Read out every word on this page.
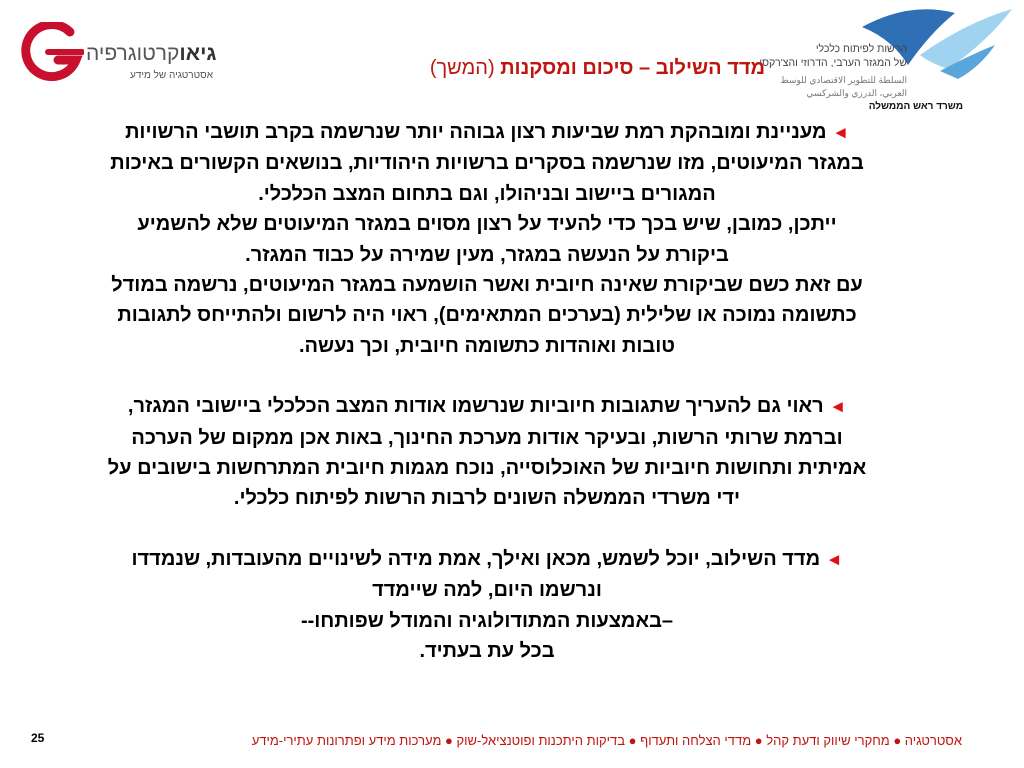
גיאוקרטוגרפיה
אסטרטגיה של מידע	מדד השילוב – סיכום ומסקנות (המשך)
הרשות לפיתוח כלכלי
של המגזר הערבי, הדרוזי והצ'רקסי
السلطة للتطوير الاقتصادي للوسط
العربي، الدرزي والشركسي
משרד ראש הממשלה

◄ מעניינת ומובהקת רמת שביעות רצון גבוהה יותר שנרשמה בקרב תושבי הרשויות

במגזר המיעוטים, מזו שנרשמה בסקרים ברשויות היהודיות, בנושאים הקשורים באיכות

המגורים ביישוב ובניהולו, וגם בתחום המצב הכלכלי.

ייתכן, כמובן, שיש בכך כדי להעיד על רצון מסוים במגזר המיעוטים שלא להשמיע

ביקורת על הנעשה במגזר, מעין שמירה על כבוד המגזר.

עם זאת כשם שביקורת שאינה חיובית ואשר הושמעה במגזר המיעוטים, נרשמה במודל

כתשומה נמוכה או שלילית (בערכים המתאימים), ראוי היה לרשום ולהתייחס לתגובות

טובות ואוהדות כתשומה חיובית, וכך נעשה.

◄ ראוי גם להעריך שתגובות חיוביות שנרשמו אודות המצב הכלכלי ביישובי המגזר,

וברמת שרותי הרשות, ובעיקר אודות מערכת החינוך, באות אכן ממקום של הערכה

אמיתית ותחושות חיוביות של האוכלוסייה, נוכח מגמות חיובית המתרחשות בישובים על

ידי משרדי הממשלה השונים לרבות הרשות לפיתוח כלכלי.

◄ מדד השילוב, יוכל לשמש, מכאן ואילך, אמת מידה לשינויים מהעובדות, שנמדדו

ונרשמו היום, למה שיימדד

–באמצעות המתודולוגיה והמודל שפותחו--

בכל עת בעתיד.

25	אסטרטגיה ● מחקרי שיווק ודעת קהל ● מדדי הצלחה ותעדוף ● בדיקות היתכנות ופוטנציאל-שוק ● מערכות מידע ופתרונות עתירי-מידע
